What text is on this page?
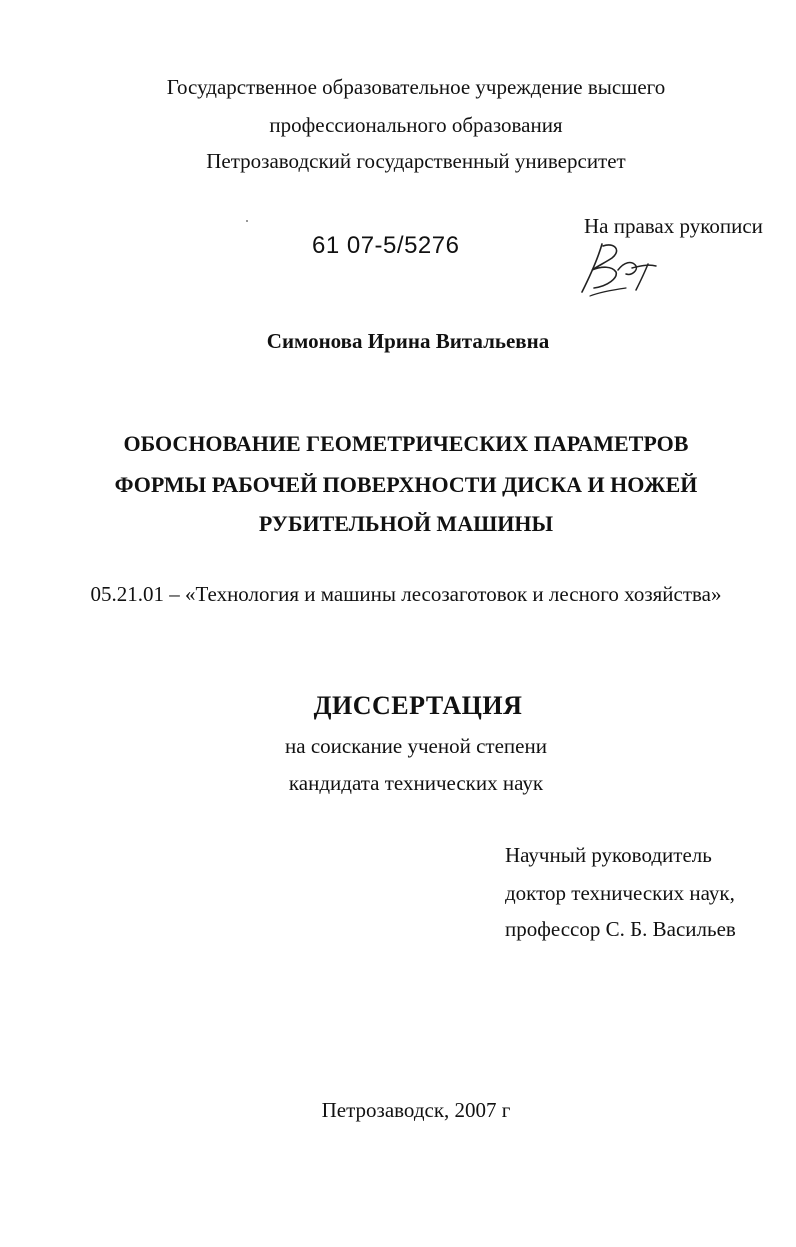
Государственное образовательное учреждение высшего
профессионального образования
Петрозаводский государственный университет
61 07-5/5276
На правах рукописи
Симонова Ирина Витальевна
ОБОСНОВАНИЕ ГЕОМЕТРИЧЕСКИХ ПАРАМЕТРОВ
ФОРМЫ РАБОЧЕЙ ПОВЕРХНОСТИ ДИСКА И НОЖЕЙ
РУБИТЕЛЬНОЙ МАШИНЫ
05.21.01 – «Технология и машины лесозаготовок и лесного хозяйства»
ДИССЕРТАЦИЯ
на соискание ученой степени
кандидата технических наук
Научный руководитель
доктор технических наук,
профессор С. Б. Васильев
Петрозаводск, 2007 г
